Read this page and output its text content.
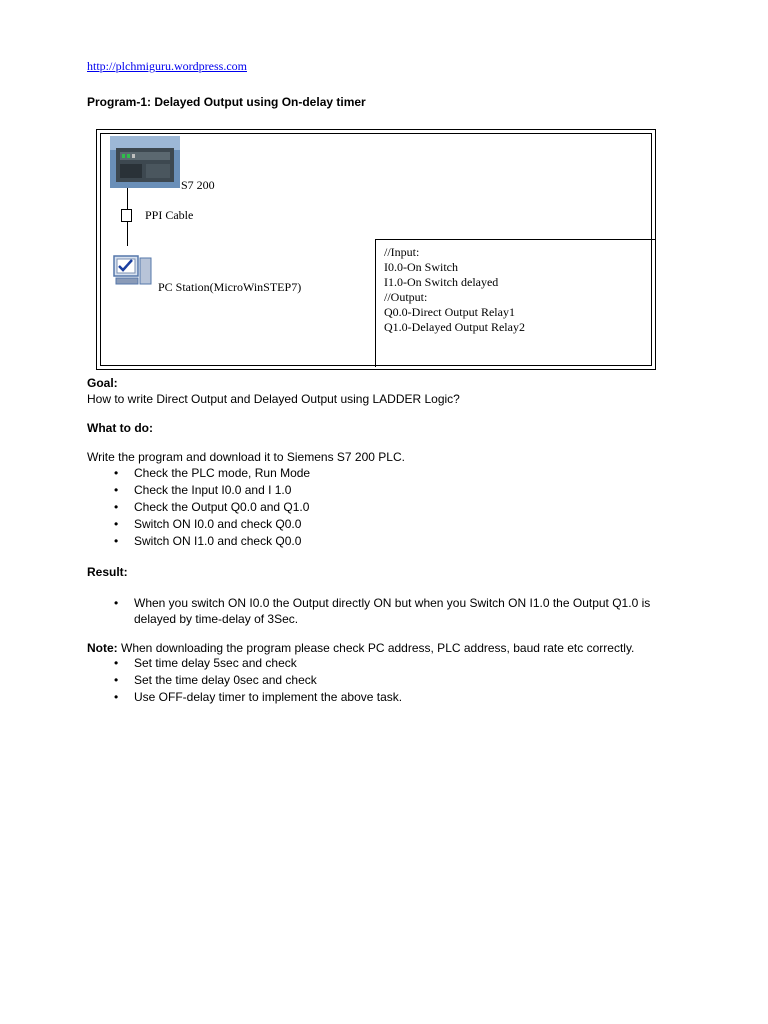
http://plchmiguru.wordpress.com
Program-1: Delayed Output using On-delay timer
S7 200
PPI Cable
PC Station(MicroWinSTEP7)
//Input:
I0.0-On Switch
I1.0-On Switch delayed
//Output:
Q0.0-Direct Output Relay1
Q1.0-Delayed Output Relay2
Goal:
How to write Direct Output and Delayed Output using LADDER Logic?
What to do:
Write the program and download it to Siemens S7 200 PLC.
• Check the PLC mode, Run Mode
• Check the Input I0.0 and I 1.0
• Check the Output Q0.0 and Q1.0
• Switch ON I0.0 and check Q0.0
• Switch ON I1.0 and check Q0.0
Result:
• When you switch ON I0.0 the Output directly ON but when you Switch ON I1.0 the Output Q1.0 is delayed by time-delay of 3Sec.
Note: When downloading the program please check PC address, PLC address, baud rate etc correctly.
• Set time delay 5sec and check
• Set the time delay 0sec and check
• Use OFF-delay timer to implement the above task.
